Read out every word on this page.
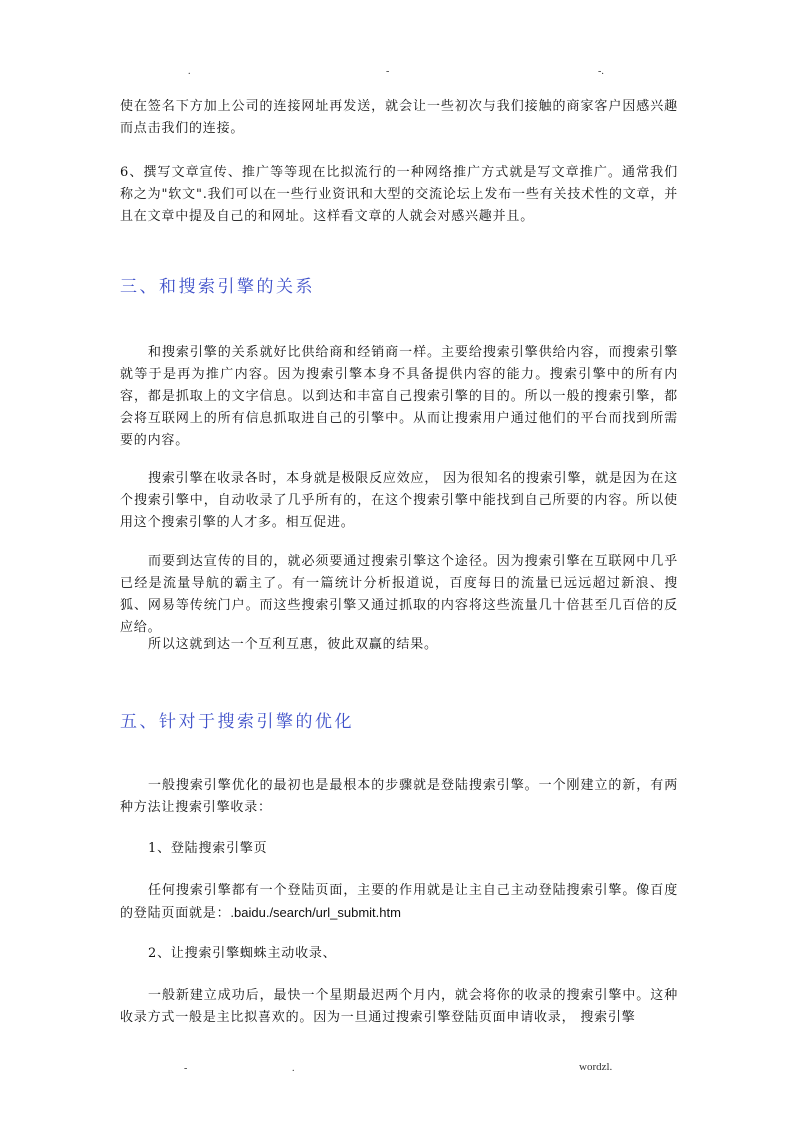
.	-	-.

使在签名下方加上公司的连接网址再发送，就会让一些初次与我们接触的商家客户因感兴趣而点击我们的连接。

6、撰写文章宣传、推广等等现在比拟流行的一种网络推广方式就是写文章推广。通常我们称之为"软文".我们可以在一些行业资讯和大型的交流论坛上发布一些有关技术性的文章，并且在文章中提及自己的和网址。这样看文章的人就会对感兴趣并且。

三、和搜索引擎的关系

和搜索引擎的关系就好比供给商和经销商一样。主要给搜索引擎供给内容，而搜索引擎就等于是再为推广内容。因为搜索引擎本身不具备提供内容的能力。搜索引擎中的所有内容，都是抓取上的文字信息。以到达和丰富自己搜索引擎的目的。所以一般的搜索引擎，都会将互联网上的所有信息抓取进自己的引擎中。从而让搜索用户通过他们的平台而找到所需要的内容。

搜索引擎在收录各时，本身就是极限反应效应， 因为很知名的搜索引擎，就是因为在这个搜索引擎中，自动收录了几乎所有的，在这个搜索引擎中能找到自己所要的内容。所以使用这个搜索引擎的人才多。相互促进。

而要到达宣传的目的，就必须要通过搜索引擎这个途径。因为搜索引擎在互联网中几乎已经是流量导航的霸主了。有一篇统计分析报道说，百度每日的流量已远远超过新浪、搜狐、网易等传统门户。而这些搜索引擎又通过抓取的内容将这些流量几十倍甚至几百倍的反应给。

所以这就到达一个互利互惠，彼此双赢的结果。

五、针对于搜索引擎的优化

一般搜索引擎优化的最初也是最根本的步骤就是登陆搜索引擎。一个刚建立的新，有两种方法让搜索引擎收录：

1、登陆搜索引擎页

任何搜索引擎都有一个登陆页面，主要的作用就是让主自己主动登陆搜索引擎。像百度的登陆页面就是：.baidu./search/url_submit.htm

2、让搜索引擎蜘蛛主动收录、

一般新建立成功后，最快一个星期最迟两个月内，就会将你的收录的搜索引擎中。这种收录方式一般是主比拟喜欢的。因为一旦通过搜索引擎登陆页面申请收录， 搜索引擎

-	.	wordzl.
